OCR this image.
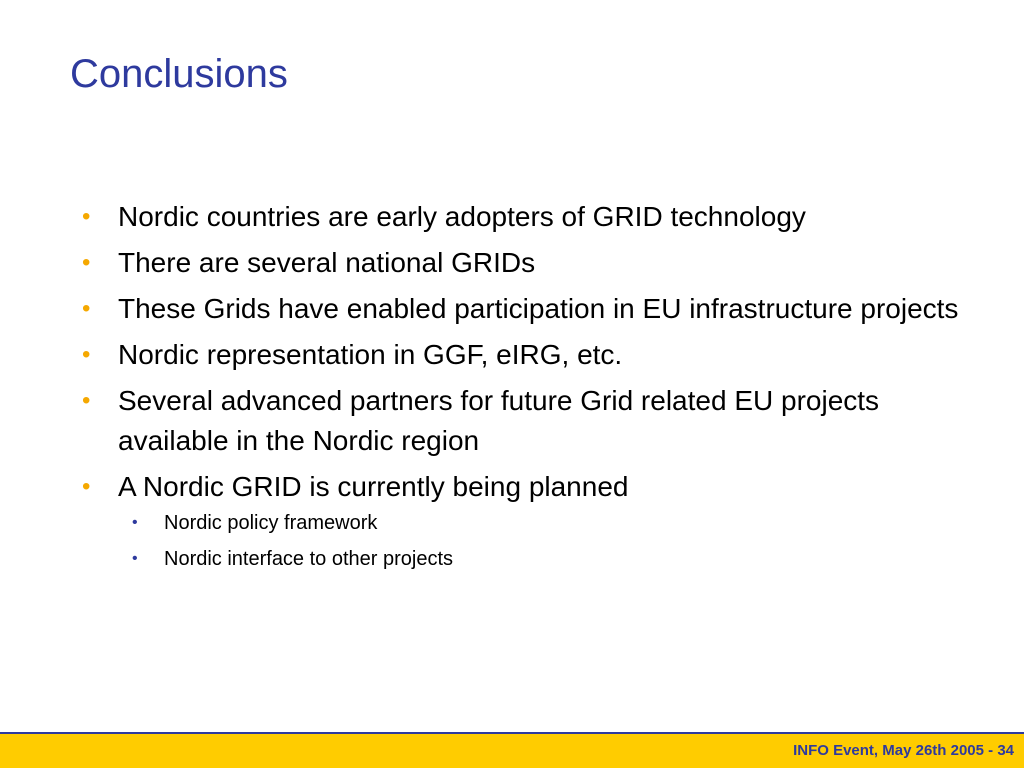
Conclusions
• Nordic countries are early adopters of GRID technology
• There are several national GRIDs
• These Grids have enabled participation in EU infrastructure projects
• Nordic representation in GGF, eIRG, etc.
• Several advanced partners for future Grid related EU projects available in the Nordic region
• A Nordic GRID is currently being planned
• Nordic policy framework
• Nordic interface to other projects
INFO Event, May 26th 2005 - 34
